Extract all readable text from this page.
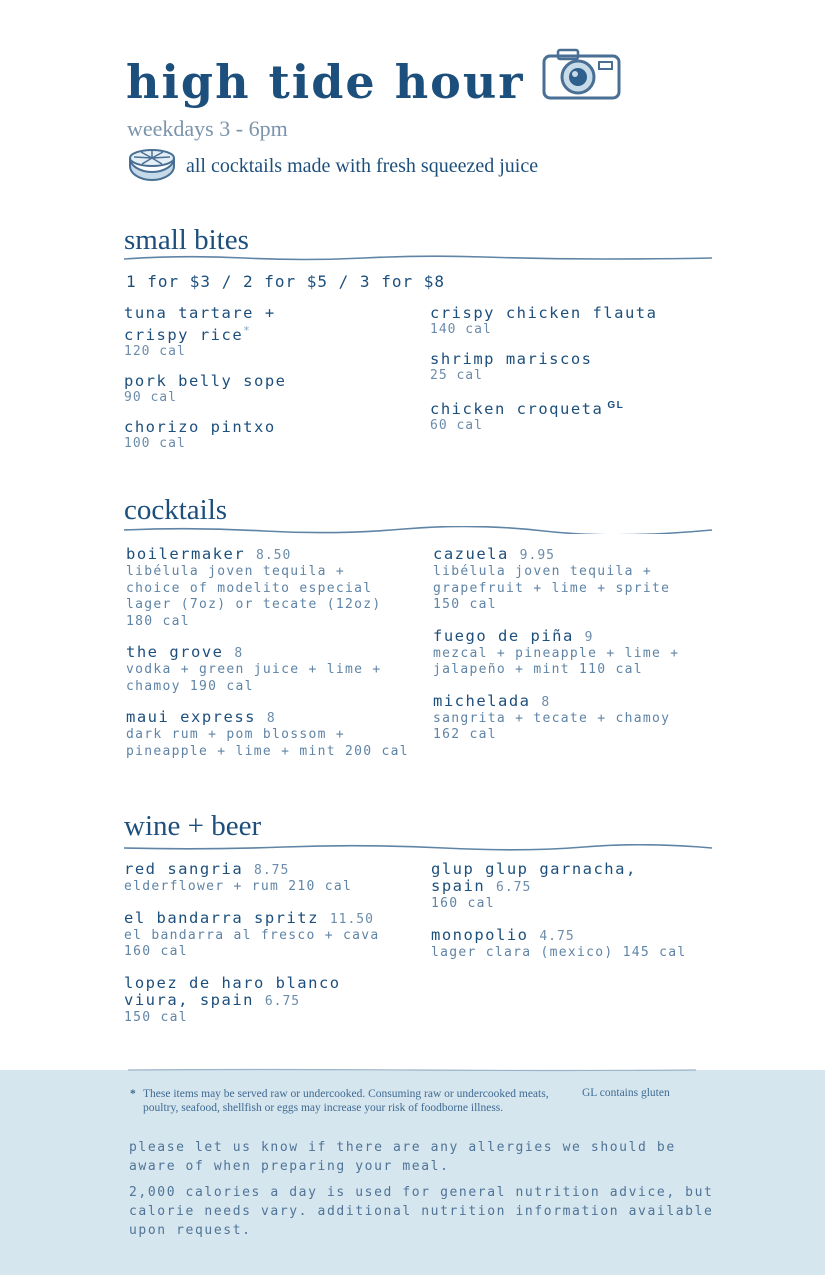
high tide hour
weekdays 3 - 6pm
all cocktails made with fresh squeezed juice
small bites
1 for $3 / 2 for $5 / 3 for $8
tuna tartare +
crispy rice*
120 cal
pork belly sope
90 cal
chorizo pintxo
100 cal
crispy chicken flauta
140 cal
shrimp mariscos
25 cal
chicken croqueta $^{GL}$
60 cal
cocktails
boilermaker 8.50
libélula joven tequila +
choice of modelito especial
lager (7oz) or tecate (12oz)
180 cal
the grove 8
vodka + green juice + lime +
chamoy 190 cal
maui express 8
dark rum + pom blossom +
pineapple + lime + mint 200 cal
cazuela 9.95
libélula joven tequila +
grapefruit + lime + sprite
150 cal
fuego de piña 9
mezcal + pineapple + lime +
jalapeño + mint 110 cal
michelada 8
sangrita + tecate + chamoy
162 cal
wine + beer
red sangria 8.75
elderflower + rum 210 cal
el bandarra spritz 11.50
el bandarra al fresco + cava
160 cal
lopez de haro blanco
viura, spain 6.75
150 cal
glup glup garnacha,
spain 6.75
160 cal
monopolio 4.75
lager clara (mexico) 145 cal
* These items may be served raw or undercooked. Consuming raw or undercooked meats, poultry, seafood, shellfish or eggs may increase your risk of foodborne illness.
GL contains gluten
please let us know if there are any allergies we should be aware of when preparing your meal.
2,000 calories a day is used for general nutrition advice, but calorie needs vary. additional nutrition information available upon request.
